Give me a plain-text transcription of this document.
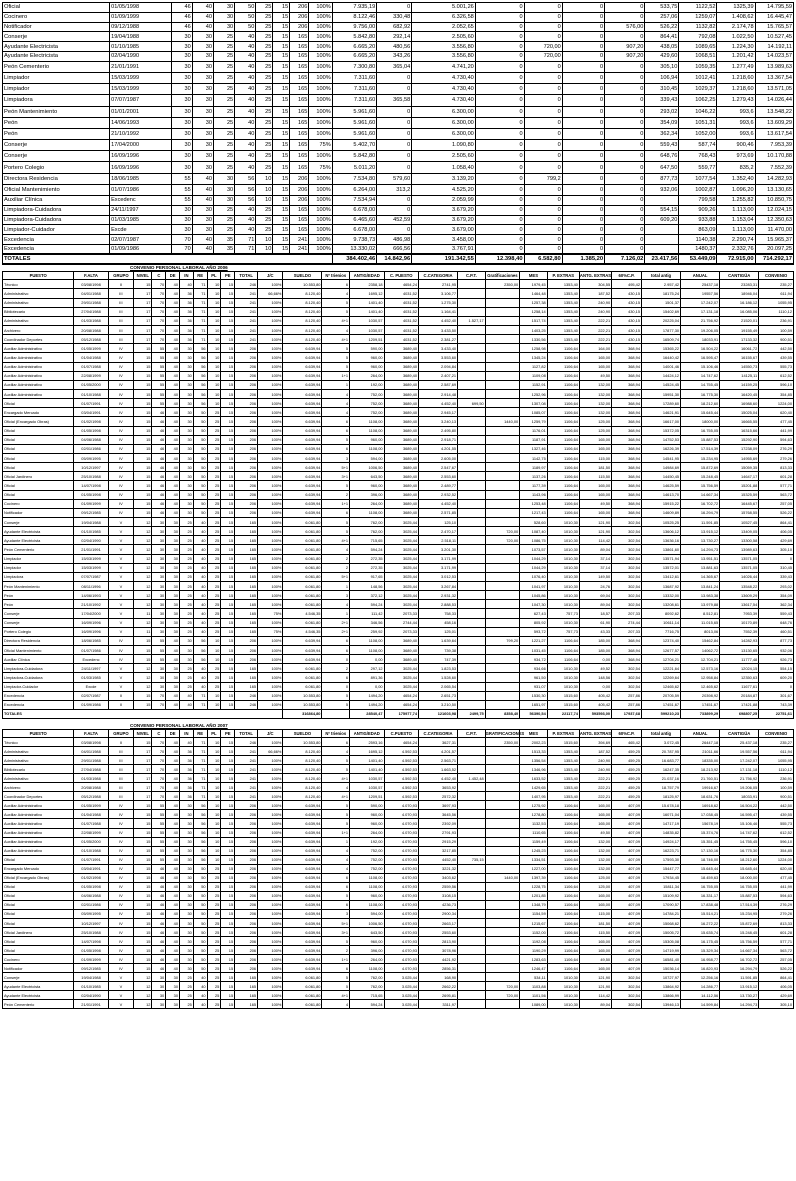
Oficial	01/05/1998	46	40	30	50	25	15	206	100%	7.935,19	0	5.001,26	0	0	0	0	533,75	1122,52	1325,39	14.795,59
Cocinero	01/09/1999	46	40	30	50	25	15	206	100%	8.122,46	330,48	6.326,58	0	0	0	0	257,06	1259,07	1.408,62	16.445,47
Notificador	09/12/1988	46	40	30	50	25	15	206	100%	9.756,00	682,92	2.052,65	0	0	0	576,00	526,22	1132,82	2.174,78	15.765,57
Conserje	19/04/1988	30	30	25	40	25	15	165	100%	5.842,80	292,14	2.505,60	0	0	0	0	864,41	792,08	1.022,50	10.527,45
Ayudante Electricista	01/10/1985	30	30	25	40	25	15	165	100%	6.665,20	480,56	3.556,80	0	720,00	0	907,20	438,05	1089,65	1.224,30	14.192,11
Ayudante Electricista	02/04/1990	30	30	25	40	25	15	165	100%	6.665,20	343,26	3.556,80	0	720,00	0	907,20	429,60	1068,51	1.201,42	14.023,57
Peón Cementerio	21/01/1991	30	30	25	40	25	15	165	100%	7.300,80	365,04	4.741,20	0	0	0	0	305,10	1059,35	1.277,49	13.989,63
Limpiador	15/03/1999	30	30	25	40	25	15	165	100%	7.311,60	0	4.730,40	0	0	0	0	106,94	1012,41	1.218,60	13.367,54
Limpiador	15/03/1999	30	30	25	40	25	15	165	100%	7.311,60	0	4.730,40	0	0	0	0	310,45	1029,37	1.218,60	13.571,05
Limpiadora	07/07/1987	30	30	25	40	25	15	165	100%	7.311,60	365,58	4.730,40	0	0	0	0	339,43	1062,25	1.279,43	14.026,44
Peón Mantenimiento	01/01/2001	30	30	25	40	25	15	165	100%	5.961,60	0	6.300,00	0	0	0	0	293,02	1046,22	993,6	13.548,22
Peón	14/06/1993	30	30	25	40	25	15	165	100%	5.961,60	0	6.300,00	0	0	0	0	354,09	1051,31	993,6	13.609,29
Peón	21/10/1992	30	30	25	40	25	15	165	100%	5.961,60	0	6.300,00	0	0	0	0	362,34	1052,00	993,6	13.617,54
Conserje	17/04/2000	30	30	25	40	25	15	165	75%	5.402,70	0	1.090,80	0	0	0	0	559,43	587,74	900,46	7.953,39
Conserje	16/09/1996	30	30	25	40	25	15	165	100%	5.842,80	0	2.505,60	0	0	0	0	648,76	768,43	973,69	10.170,88
Portero Colegio	16/09/1996	30	30	25	40	25	15	165	75%	5.011,20	0	1.058,40	0	0	0	0	647,50	559,77	835,2	7.552,39
Directora Residencia	18/06/1985	55	40	30	56	10	15	206	100%	7.534,80	579,60	3.139,20	0	799,2	0	0	877,73	1077,54	1.352,40	14.282,93
Oficial Mantenimiento	01/07/1986	55	40	30	56	10	15	206	100%	6.264,00	313,2	4.525,20	0	0	0	0	932,06	1002,87	1.096,20	13.130,65
Auxiliar Clínica	Excedenc	55	40	30	56	10	15	206	100%	7.534,94	0	2.059,99	0	0	0	0		799,58	1.255,82	10.850,75
Limpiadora-Cuidadora	24/11/1997	30	30	25	40	25	15	165	100%	6.678,00	0	3.679,20	0	0	0	0	554,15	909,26	1.113,00	12.024,15
Limpiadora-Cuidadora	01/03/1985	30	30	25	40	25	15	165	100%	6.465,60	452,59	3.679,20	0	0	0	0	609,20	933,88	1.153,04	12.350,63
Limpiador-Cuidador	Excde	30	30	25	40	25	15	165	100%	6.678,00	0	3.679,00	0	0	0	0		863,09	1.113,00	11.470,00
Excedencia	02/07/1987	70	40	35	71	10	15	241	100%	9.738,73	486,98	3.458,00	0	0	0	0		1140,38	2.290,74	15.965,37
Excedencia	01/09/1986	70	40	35	71	10	15	241	100%	13.330,02	666,56	3.767,91	0	0	0	0		1480,37	2.332,76	20.097,25
TOTALES										384.402,46	14.842,96	191.342,55	12.398,40	6.582,80	1.385,20	7.126,02	23.417,56	53.449,09	72.915,00	714.292,17
CONVENIO PERSONAL LABORAL AÑO 2006
PUESTO	F.ALTA	GRUPO	NIVEL	C	DE	IN	RE	PL	PE	TOTAL	J/C	SUELDO	Nº trienios	ANTIG/EDAD	C. PUESTO	C.CATEGORIA	C.P.T.	Gratificaciones	MES	P. EXTRAS	ANTG. EXTRAS	60%C.P.	total antig	ANUAL	CANTIGÜA	CONVENIO
Técnico	03/08/1998	II	15	70	40	40	71	10	15	246	100%	10.553,80	6	2358,18	4654,24	2741,95		2350,00	1979,45	1353,40	304,55	495,42	2.957,42	25437,18	23283,31	235,27
Administrativo	04/01/1988	III	17	70	40	36	71	10	15	241	66,66%	8.120,40	4	1695,12	4031,52	3.106,77			1464,48	1353,40	187,52	430,15	18175,24	19557,56	18946,04	611,94
Administrativo	29/01/1988	III	17	70	40	36	71	10	15	241	100%	8.120,40	5	1401,40	4031,52	1.275,30			1257,38	1353,40	240,90	430,15	1501,37	17.242,07	16.186,12	1055,95
Bibliotecario	27/04/1988	III	17	70	40	36	71	10	15	241	100%	8.120,40	5	1401,40	4031,52	1.164,41			1258,14	1353,40	240,90	430,15	15402,69	17.131,18	16.085,06	1110,12
Administrativo	01/03/1988	III	17	70	40	36	71	10	15	241	100%	8.120,40	4+1	1030,57	4031,52	4.452,40	1.527,17		1517,74	1353,40	222,21	430,15	20225,04	21.756,92	21520,01	236,91
Archivero	20/08/1988	III	17	70	40	36	71	10	15	241	100%	8.120,40	4	1030,57	4031,52	3.433,50			1403,25	1353,40	222,21	430,15	17877,30	19.206,05	19155,49	100,59
Coordinador Deportes	05/12/1988	III	17	70	40	36	71	10	15	241	100%	8.120,40	4+1	1209,51	4031,52	2.381,27			1330,56	1353,40	222,21	430,15	16509,74	18033,91	17133,32	900,51
Auxiliar Administrativo	01/05/1999	IV	15	55	40	30	56	10	15	206	100%	6.639,94	5	590,00	3689,40	3.433,40			1258,98	1106,64	164,00	368,94	15365,22	16.504,22	16061,72	442,50
Auxiliar Administrativo	01/04/1988	IV	15	55	40	30	56	10	15	206	100%	6.639,94	5	960,00	3689,40	3.553,60			1345,24	1106,64	165,00	368,94	16440,42	16.595,47	16155,67	439,55
Auxiliar Administrativo	01/07/1988	IV	15	55	40	30	56	10	15	206	100%	6.639,94	5	960,00	3689,40	2.094,84			1127,82	1106,64	165,00	368,94	14001,46	15.106,46	14550,73	555,73
Auxiliar Administrativo	22/08/1999	IV	15	55	40	30	56	10	15	206	100%	6.639,94	1+1	264,00	3689,40	2.407,21			1109,08	1106,64	49,50	368,94	14424,12	14.747,62	14125,11	612,52
Auxiliar Administrativo	01/05/2000	IV	15	55	40	30	56	10	15	206	100%	6.639,94	1	192,00	3689,40	2.587,69			1152,91	1106,64	132,00	368,94	14524,45	14.755,45	14159,25	596,10
Auxiliar Administrativo	01/10/1988	IV	15	55	40	30	56	10	15	206	100%	6.639,94	4	752,00	3689,40	2.914,48			1252,96	1106,64	132,00	368,94	15951,30	16.775,30	16420,45	354,85
Oficial	01/07/1991	IV	15	55	40	30	56	10	15	206	100%	6.639,94	4	752,00	3689,40	4.452,40	699,50		1307,08	1106,64	132,00	368,94	17289,60	18.212,60	16988,60	1224,00
Encargado Mercado	03/04/1991	IV	15	46	40	30	50	25	15	206	100%	6.639,94	4	752,00	3689,40	2.945,17			1085,07	1106,64	132,00	368,94	14621,91	15.645,44	15025,04	620,40
Oficial (Encargado Obras)	01/02/1998	IV	15	46	40	30	50	25	15	206	100%	6.639,94	6	1108,00	3689,40	3.240,13		1440,00	1259,79	1106,64	125,00	368,94	16617,00	18000,00	16665,55	477,45
Oficial	01/05/1998	IV	15	46	40	30	50	25	15	206	100%	6.639,94	6	1108,00	3689,40	2.495,80			1176,01	1106,64	125,00	368,94	15372,05	16.755,05	16315,66	441,99
Oficial	04/06/1988	IV	15	46	40	30	50	25	15	206	100%	6.639,94	5	960,00	3689,40	2.918,71			1187,91	1106,64	165,00	368,94	14752,53	15.887,53	15292,90	594,63
Oficial	02/01/1986	IV	15	46	40	30	50	25	15	206	100%	6.639,94	6	1108,00	3689,40	4.201,55			1327,46	1106,64	165,00	368,94	16226,39	17.514,39	17238,09	276,29
Oficial	05/09/1995	IV	15	46	40	30	50	25	15	206	100%	6.639,94	3	594,00	3689,40	2.605,00			1142,75	1106,64	115,00	368,94	14541,95	15.234,95	14955,69	279,26
Oficial	10/12/1997	IV	15	46	40	30	50	25	15	206	100%	6.639,94	5+1	1006,50	3689,40	2.547,67			1189,97	1106,64	181,50	368,94	14984,69	15.872,69	15059,35	813,33
Oficial Jardinero	25/10/1988	IV	15	46	40	30	50	25	15	206	100%	6.639,94	3+1	643,50	3689,40	2.553,60			1137,26	1106,64	115,50	368,94	14450,45	15.248,45	14647,17	601,28
Oficial	14/07/1998	IV	15	46	40	30	50	25	15	206	100%	6.639,94	5	960,00	3689,40	2.489,77			1177,39	1106,64	165,00	368,94	14625,59	15.756,59	15201,88	577,71
Oficial	01/05/1998	IV	15	46	40	30	50	25	15	206	100%	6.639,94	2	396,00	3689,40	2.932,52			1143,96	1106,64	165,00	368,94	14613,70	14.667,34	15325,59	563,72
Cocinero	01/09/1999	IV	15	46	40	30	50	25	15	206	100%	6.639,94	1+1	264,00	3689,40	4.452,40			1253,48	1106,64	49,50	368,94	15915,22	16.702,72	16445,67	257,05
Notificador	09/12/1985	IV	15	46	40	30	50	25	15	206	100%	6.639,94	6	1108,00	3689,40	2.571,85			1217,43	1106,64	165,00	368,94	14609,89	16.294,79	15768,55	526,22
Conserje	19/04/1988	V	12	30	30	25	40	25	15	165	100%	6.061,80	5	762,00	3025,44	125,10			528,60	1010,30	121,90	302,54	10525,25	11.591,85	10527,45	864,41
Ayudante Electricista	01/10/1985	V	12	30	30	25	40	25	15	165	100%	6.061,80	5	762,00	3025,44	2.470,17		720,00	1087,40	1010,30	121,90	302,54	13606,12	13.915,12	13409,05	406,05
Ayudante Electricista	02/04/1990	V	12	30	30	25	40	25	15	165	100%	6.061,80	4+1	715,65	3025,44	2.518,11		720,00	1086,75	1010,30	114,42	302,54	13636,16	13.730,27	13300,58	429,69
Peón Cementerio	21/01/1991	V	12	30	30	25	40	25	15	165	100%	6.061,80	4	594,24	3025,44	3.201,30			1073,57	1010,30	89,04	302,54	13861,60	14.294,73	13989,63	305,10
Limpiador	15/03/1999	V	12	30	30	25	40	25	15	165	100%	6.061,80	2	272,35	3025,44	3.171,99			1044,29	1010,30	37,14	302,54	13571,94	13.951,51	13571,05	0
Limpiador	15/03/1999	V	12	30	30	25	40	25	15	165	100%	6.061,80	2	272,35	3025,44	3.171,99			1044,29	1010,30	37,14	302,54	13572,01	13.881,63	13571,05	310,45
Limpiadora	07/07/1987	V	12	30	30	25	40	25	15	165	100%	6.061,80	5+1	917,65	3025,44	3.012,53			1076,40	1010,30	149,50	302,54	13412,61	14.365,67	14026,44	339,43
Peón Mantenimiento	08/11/1996	V	12	30	30	25	40	25	15	165	100%	6.061,80	1	148,56	3025,44	3.267,84			1041,97	1010,30	24,76	302,54	13687,92	13.841,24	13548,22	293,02
Peón	14/06/1993	V	12	30	30	25	40	25	15	165	100%	6.061,80	3	372,12	3025,44	2.931,32			1045,86	1010,30	69,04	302,54	13332,00	13.983,38	13609,29	354,09
Peón	21/10/1992	V	12	30	30	25	40	25	15	165	100%	6.061,80	4	594,24	3025,44	2.888,53			1047,30	1010,30	89,04	302,54	13208,61	13.979,88	13617,54	362,34
Conserje	17/04/2000	V	11	30	30	25	40	25	15	165	75%	4.546,35	1	111,42	2073,33	758,33			627,43	757,73	18,57	207,33	8092,62	8.512,81	7953,39	559,43
Conserje	16/09/1996	V	12	30	30	25	40	25	15	165	100%	6.061,80	2+1	346,56	2744,44	458,16			805,92	1010,30	61,90	274,44	10611,14	11.015,65	10170,89	648,76
Portero Colegio	16/09/1996	V	11	30	30	25	40	25	15	165	75%	4.546,35	2+1	259,92	2073,33	125,01			593,72	757,73	43,33	207,33	7716,75	8013,06	7552,39	460,51
Directora Residencia	18/06/1985	IV	15	55	40	30	56	10	15	206	100%	6.639,94	6	1108,00	3689,40	1.639,64		799,20	1221,27	1106,64	185,00	368,94	12374,40	15462,84	14282,93	877,73
Oficial Mantenimiento	01/07/1986	IV	15	55	40	30	56	10	15	206	100%	6.639,94	6	1108,00	3689,40	739,38			1031,45	1106,64	185,00	368,94	12677,57	14062,72	13130,65	932,06
Auxiliar Clínica	Excedenc	IV	15	55	40	30	56	10	15	206	100%	6.639,94	0	0,00	3689,40	747,39			934,72	1106,64	0,00	368,94	12704,21	12.704,21	11777,48	926,73
Limpiadora-Cuidadora	24/11/1997	V	12	30	30	25	40	25	15	165	100%	6.061,80	2	297,12	3025,44	1.823,53			934,66	1010,30	49,52	302,54	12221,64	12.573,16	12024,15	554,15
Limpiadora-Cuidadora	01/03/1985	V	12	30	30	25	40	25	15	165	100%	6.061,80	6	891,36	3025,44	1.528,60			961,50	1010,30	148,56	302,54	12269,64	12.958,84	12350,63	609,20
Limpiador-Cuidador	Excde	V	12	30	30	25	40	25	15	165	100%	6.061,80	0	0,00	3025,44	2.065,54			931,07	1010,30	0,00	302,54	12465,62	12.465,62	11677,61	0
Excedencia	02/07/1987	II	15	70	40	40	71	10	15	246	100%	10.553,80	5	1494,20	4654,24	2.651,73			1530,30	1515,60	405,42	257,86	20705,59	20398,92	20184,87	301,67
Excedencia	01/09/1986	II	15	70	40	40	71	10	15	246	100%	10.553,80	5	1494,20	4654,24	3.210,50			1651,97	1515,60	405,42	257,86	17451,67	17451,67	17421,88	743,39
TOTALES												316864,80		28540,47	175977,74	121603,98	2499,75	8358,40	56390,54	22117,74	593593,00	17937,68	599210,23	733899,29	698807,25	22751,61
CONVENIO PERSONAL LABORAL AÑO 2007
PUESTO	F.ALTA	GRUPO	NIVEL	C	DE	IN	RE	PL	PE	TOTAL	J/C	SUELDO	Nº trienios	ANTIG/EDAD	C.PUESTO	C.CATEGORIA	C.P.T.	GRATIFICACIONES	MES	P. EXTRAS	ANTG. EXTRAS	60%C.P.	total antig	ANUAL	CANTIGÜA	CONVENIO
Técnico	03/08/1998	II	15	70	40	40	71	10	15	246	100%	10.553,80	6	2593,16	4654,24	3627,31		2350,00	2002,23	1515,60	394,69	465,42	3.072,45	26447,18	25.437,18	235,27
Administrativo	04/01/1988	III	17	70	40	36	71	10	15	241	66,66%	8.120,40	4	1695,12	4.592,53	4.201,57			1513,33	1353,40	187,52	459,25	20.787,95	21011,66	19.557,56	611,94
Administrativo	29/01/1988	III	17	70	40	36	71	10	15	241	100%	8.120,40	5	1401,40	4.592,53	2.563,71			1356,54	1353,40	240,90	459,25	16.683,77	18335,00	17.242,07	1055,95
Bibliotecario	27/04/1988	III	17	70	40	36	71	10	15	241	100%	8.120,40	5	1401,40	4.592,53	1.663,52			1346,96	1353,40	240,90	459,25	16247,35	18.213,92	17.131,18	1110,12
Administrativo	01/03/1988	III	17	70	40	36	71	10	15	241	100%	8.120,40	4+1	1030,57	4.592,53	4.452,40	1.452,48		1633,52	1353,40	222,21	459,25	21.037,16	21.760,51	21.756,92	236,91
Archivero	20/08/1988	III	17	70	40	36	71	10	15	241	100%	8.120,40	4	1030,57	4.592,53	3653,92			1429,65	1353,40	222,21	459,25	18.757,79	19916,67	19.206,05	100,59
Coordinador Deportes	05/12/1988	III	17	70	40	36	71	10	15	241	100%	8.120,40	4+1	1209,51	4.592,53	2572,32			1407,95	1353,40	222,21	459,25	18125,97	18.631,76	18033,91	900,51
Auxiliar Administrativo	01/05/1999	IV	15	55	40	30	56	10	15	206	100%	6.639,94	5	590,00	4.070,93	3697,93			1275,92	1106,64	165,00	407,09	15.678,18	16918,62	16.504,22	442,50
Auxiliar Administrativo	01/04/1988	IV	15	55	40	30	56	10	15	206	100%	6.639,94	5	960,00	4.070,93	3645,56			1278,80	1106,64	165,00	407,09	16071,04	17.038,45	16.595,47	439,55
Auxiliar Administrativo	01/07/1988	IV	15	55	40	30	56	10	15	206	100%	6.639,94	5	960,00	4.070,93	2392,09			1132,53	1106,64	165,00	407,09	14717,19	15678,19	15.106,46	555,73
Auxiliar Administrativo	22/08/1999	IV	15	55	40	30	56	10	15	206	100%	6.639,94	1+1	264,00	4.070,93	2791,93			1110,65	1106,64	49,50	407,09	14835,82	15.374,76	14.747,62	612,52
Auxiliar Administrativo	01/05/2000	IV	15	55	40	30	56	10	15	206	100%	6.639,94	1	192,00	4.070,93	2915,29			1159,49	1106,64	132,00	407,09	14924,17	15.351,45	14.755,45	596,10
Auxiliar Administrativo	01/10/1988	IV	15	55	40	30	56	10	15	206	100%	6.639,94	4	752,00	4.070,93	3217,85			1245,23	1106,64	132,00	407,09	16223,71	17.130,16	16.775,30	354,85
Oficial	01/07/1991	IV	15	55	40	30	56	10	15	206	100%	6.639,94	4	752,00	4.070,93	4452,40	735,15		1334,51	1106,64	132,00	407,09	17593,30	18.746,00	18.212,60	1224,00
Encargado Mercado	03/04/1991	IV	15	46	40	30	50	25	15	206	100%	6.639,94	4	752,00	4.070,93	3221,32			1227,00	1106,64	132,00	407,09	15447,77	15.645,44	15.645,44	620,40
Oficial (Encargado Obras)	01/02/1998	IV	15	46	40	30	50	25	15	206	100%	6.639,94	6	1108,00	4.070,93	3403,62		1440,00	1397,39	1106,64	125,00	407,09	17934,45	18.459,63	18.000,00	477,45
Oficial	01/05/1998	IV	15	46	40	30	50	25	15	206	100%	6.639,94	6	1108,00	4.070,93	2559,56			1228,75	1106,64	125,00	407,09	15811,34	16.755,05	16.755,05	441,99
Oficial	04/06/1988	IV	15	46	40	30	50	25	15	206	100%	6.639,94	5	960,00	4.070,93	3108,15			1201,85	1106,64	165,00	407,09	15109,92	16.331,17	15.887,53	594,63
Oficial	02/01/1986	IV	15	46	40	30	50	25	15	206	100%	6.639,94	6	1108,00	4.070,93	4236,73			1348,79	1106,64	165,00	407,09	17090,57	17.838,48	17.514,39	276,29
Oficial	05/09/1995	IV	15	46	40	30	50	25	15	206	100%	6.639,94	3	594,00	4.070,93	2900,34			1154,59	1106,64	115,00	407,09	14784,21	15.514,21	15.234,95	279,26
Oficial	10/12/1997	IV	15	46	40	30	50	25	15	206	100%	6.639,94	5+1	1006,50	4.070,93	2663,17			1215,67	1106,64	181,50	407,09	15068,62	16.272,22	15.872,69	813,33
Oficial Jardinero	25/10/1988	IV	15	46	40	30	50	25	15	206	100%	6.639,94	3+1	643,50	4.070,93	2553,60			1152,00	1106,64	115,50	407,09	15005,72	15.635,74	15.248,45	601,28
Oficial	14/07/1998	IV	15	46	40	30	50	25	15	206	100%	6.639,94	5	960,00	4.070,93	2813,90			1192,08	1106,64	165,00	407,09	15305,08	16.175,45	15.756,59	577,71
Oficial	01/05/1998	IV	15	46	40	30	50	25	15	206	100%	6.639,94	2	396,00	4.070,93	3078,96			1190,29	1106,64	165,00	407,09	14719,99	15.329,34	14.667,34	563,72
Cocinero	01/09/1999	IV	15	46	40	30	50	25	15	206	100%	6.639,94	1+1	264,00	4.070,93	4421,92			1283,63	1106,64	49,50	407,09	16581,40	16.958,77	16.702,72	257,05
Notificador	09/12/1985	IV	15	46	40	30	50	25	15	206	100%	6.639,94	6	1108,00	4.070,93	2856,31			1246,47	1106,64	165,00	407,09	15036,14	16.820,93	16.294,79	526,22
Conserje	19/04/1988	V	12	30	30	25	40	25	15	165	100%	6.061,80	5	762,00	3.025,44	168,90			534,11	1010,30	121,90	302,54	10727,97	12.256,16	11.591,85	864,41
Ayudante Electricista	01/10/1985	V	12	30	30	25	40	25	15	165	100%	6.061,80	5	762,00	3.025,44	2662,22		720,00	1103,88	1010,30	121,90	302,54	13864,92	14.286,77	13.915,12	406,05
Ayudante Electricista	02/04/1990	V	12	30	30	25	40	25	15	165	100%	6.061,80	4+1	715,65	3.025,44	2695,81		720,00	1101,56	1010,30	114,42	302,54	13866,99	14.112,56	13.730,27	429,69
Peón Cementerio	21/01/1991	V	12	30	30	25	40	25	15	165	100%	6.061,80	4	594,24	3.025,44	3311,97			1089,00	1010,30	89,04	302,54	13946,13	14.599,84	14.294,73	305,10
